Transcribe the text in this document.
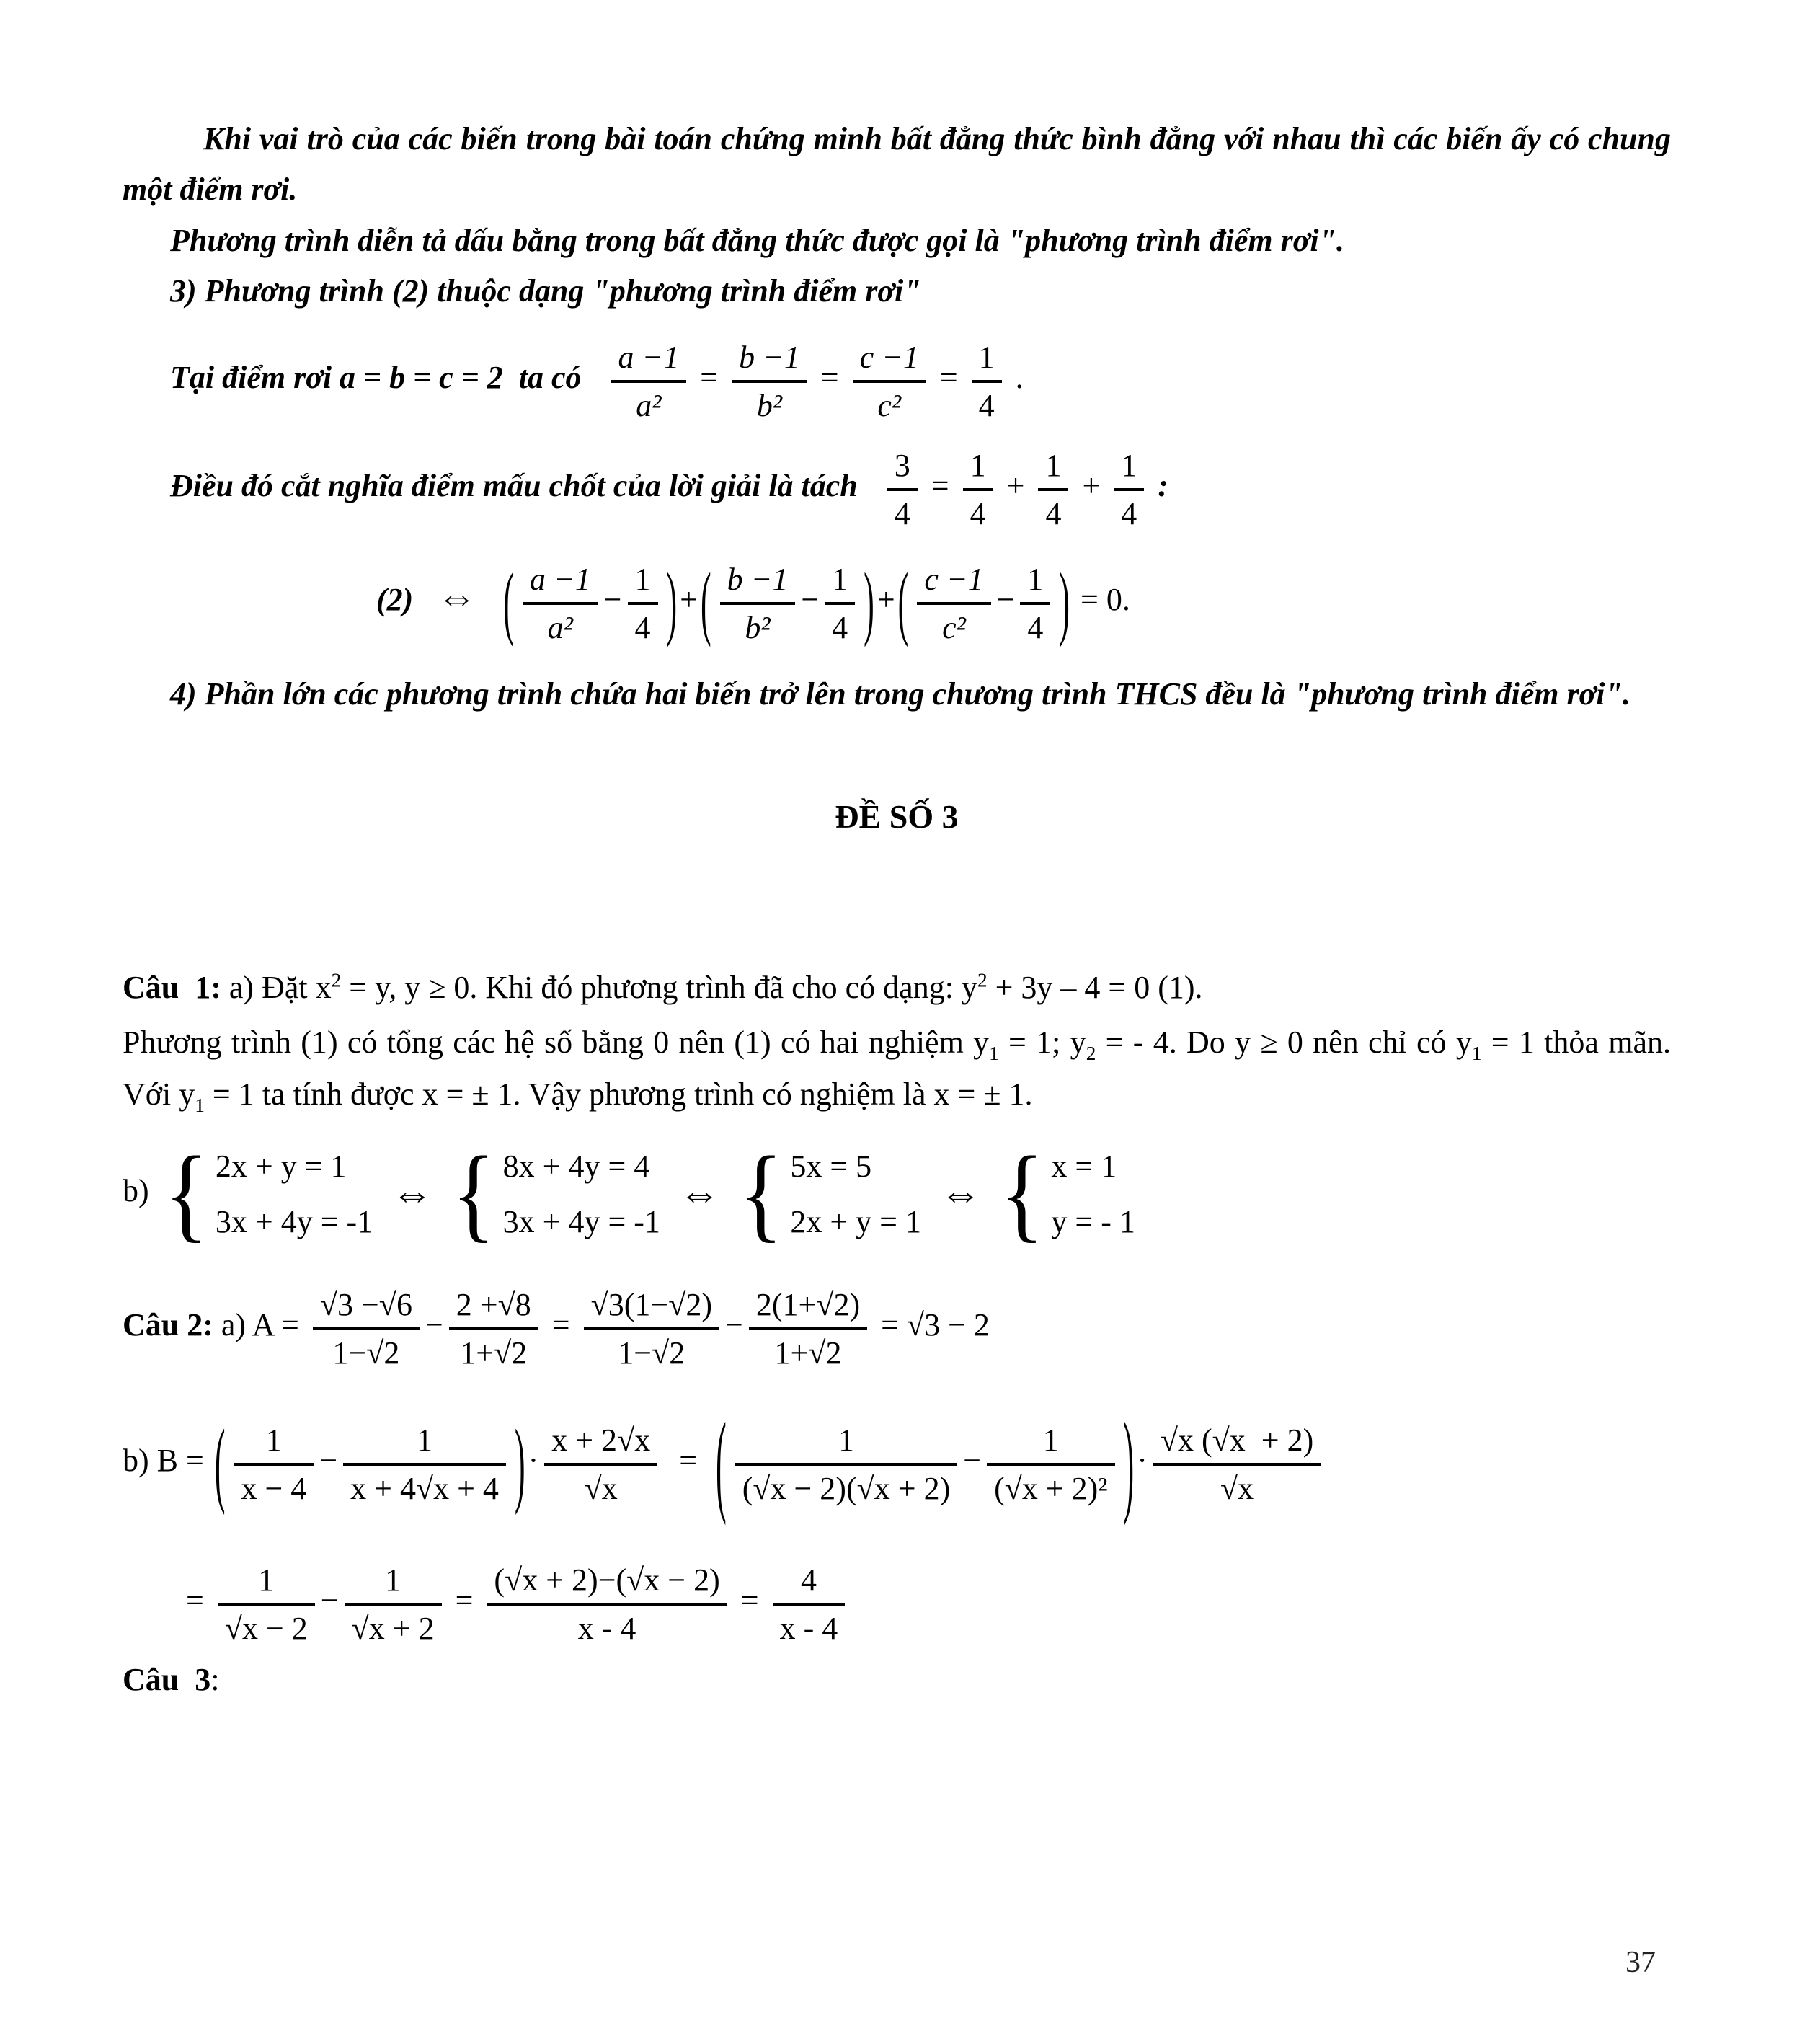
Khi vai trò của các biến trong bài toán chứng minh bất đẳng thức bình đẳng với nhau thì các biến ấy có chung một điểm rơi.

Phương trình diễn tả dấu bằng trong bất đẳng thức được gọi là "phương trình điểm rơi".

3) Phương trình (2) thuộc dạng "phương trình điểm rơi"

Tại điểm rơi a = b = c = 2  ta có $\frac{a -1}{\text{a²}} = \frac{b -1}{\text{b²}} = \frac{c -1}{\text{c²}} = \frac{1}{4}$ .
Điều đó cắt nghĩa điểm mấu chốt của lời giải là tách $\frac{3}{4} = \frac{1}{4} + \frac{1}{4} + \frac{1}{4}$ :
(2) ⇔ ( $\frac{a -1}{\text{a²}} - \frac{1}{4}$ )+( $\frac{b -1}{\text{b²}} - \frac{1}{4}$ )+( $\frac{c -1}{\text{c²}} - \frac{1}{4}$ ) = 0.

4) Phần lớn các phương trình chứa hai biến trở lên trong chương trình THCS đều là "phương trình điểm rơi".

ĐỀ SỐ 3
Câu  1: a) Đặt $x^2 = y$, y ≥ 0. Khi đó phương trình đã cho có dạng: $y^2 + 3y - 4 = 0$ (1).

Phương trình (1) có tổng các hệ số bằng 0 nên (1) có hai nghiệm $y_1 = 1$; $y_2$ = - 4. Do y ≥ 0 nên chỉ có $y_1 = 1$ thỏa mãn. Với $y_1 = 1$ ta tính được x = ± 1. Vậy phương trình có nghiệm là x = ± 1.

b) { 2x + y = 1
3x + 4y = -1
⇔ { 8x + 4y = 4
3x + 4y = -1
⇔ { 5x = 5
2x + y = 1
⇔ { x = 1
y = - 1
Câu 2: a) $A = \frac{√3 -√6}{1-√2} - \frac{2 +√8}{1+√2} = \frac{√3(1-√2)}{1-√2} - \frac{2(1+√2)}{1+√2} = √3 - 2$
b) B = ( $\frac{1}{x - 4} - \frac{1}{x + 4√x + 4}$ )· $\frac{x + 2√x}{√x}$ =  ( $\frac{1}{(√x - 2)(√x + 2)} - \frac{1}{\text{(√x + 2)²}}$ )· $\frac{√x (√x + 2)}{√x}$
= $\frac{1}{√x - 2} - \frac{1}{√x + 2} = \frac{(√x + 2)-(√x - 2)}{x - 4} = \frac{4}{x - 4}$
Câu  3:
37
